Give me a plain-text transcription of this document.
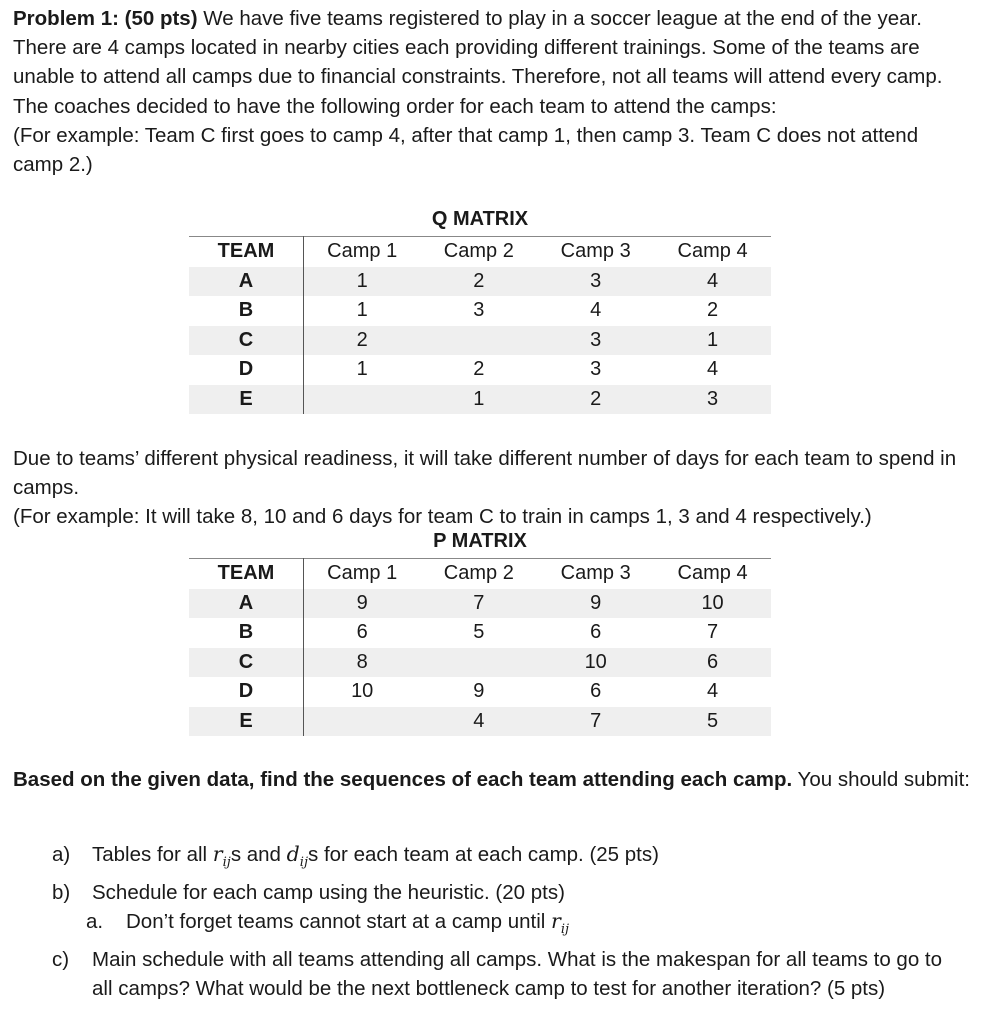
Problem 1: (50 pts) We have five teams registered to play in a soccer league at the end of the year. There are 4 camps located in nearby cities each providing different trainings. Some of the teams are unable to attend all camps due to financial constraints. Therefore, not all teams will attend every camp. The coaches decided to have the following order for each team to attend the camps:
(For example: Team C first goes to camp 4, after that camp 1, then camp 3. Team C does not attend camp 2.)
Q MATRIX
TEAM	Camp 1	Camp 2	Camp 3	Camp 4
A	1	2	3	4
B	1	3	4	2
C	2		3	1
D	1	2	3	4
E		1	2	3
Due to teams’ different physical readiness, it will take different number of days for each team to spend in camps.
(For example: It will take 8, 10 and 6 days for team C to train in camps 1, 3 and 4 respectively.)
P MATRIX
TEAM	Camp 1	Camp 2	Camp 3	Camp 4
A	9	7	9	10
B	6	5	6	7
C	8		10	6
D	10	9	6	4
E		4	7	5
Based on the given data, find the sequences of each team attending each camp. You should submit:
a) Tables for all $r_{ij}s$ and $d_{ij}s$ for each team at each camp. (25 pts)
b) Schedule for each camp using the heuristic. (20 pts)
a. Don’t forget teams cannot start at a camp until $r_{ij}$
c) Main schedule with all teams attending all camps. What is the makespan for all teams to go to all camps? What would be the next bottleneck camp to test for another iteration? (5 pts)
